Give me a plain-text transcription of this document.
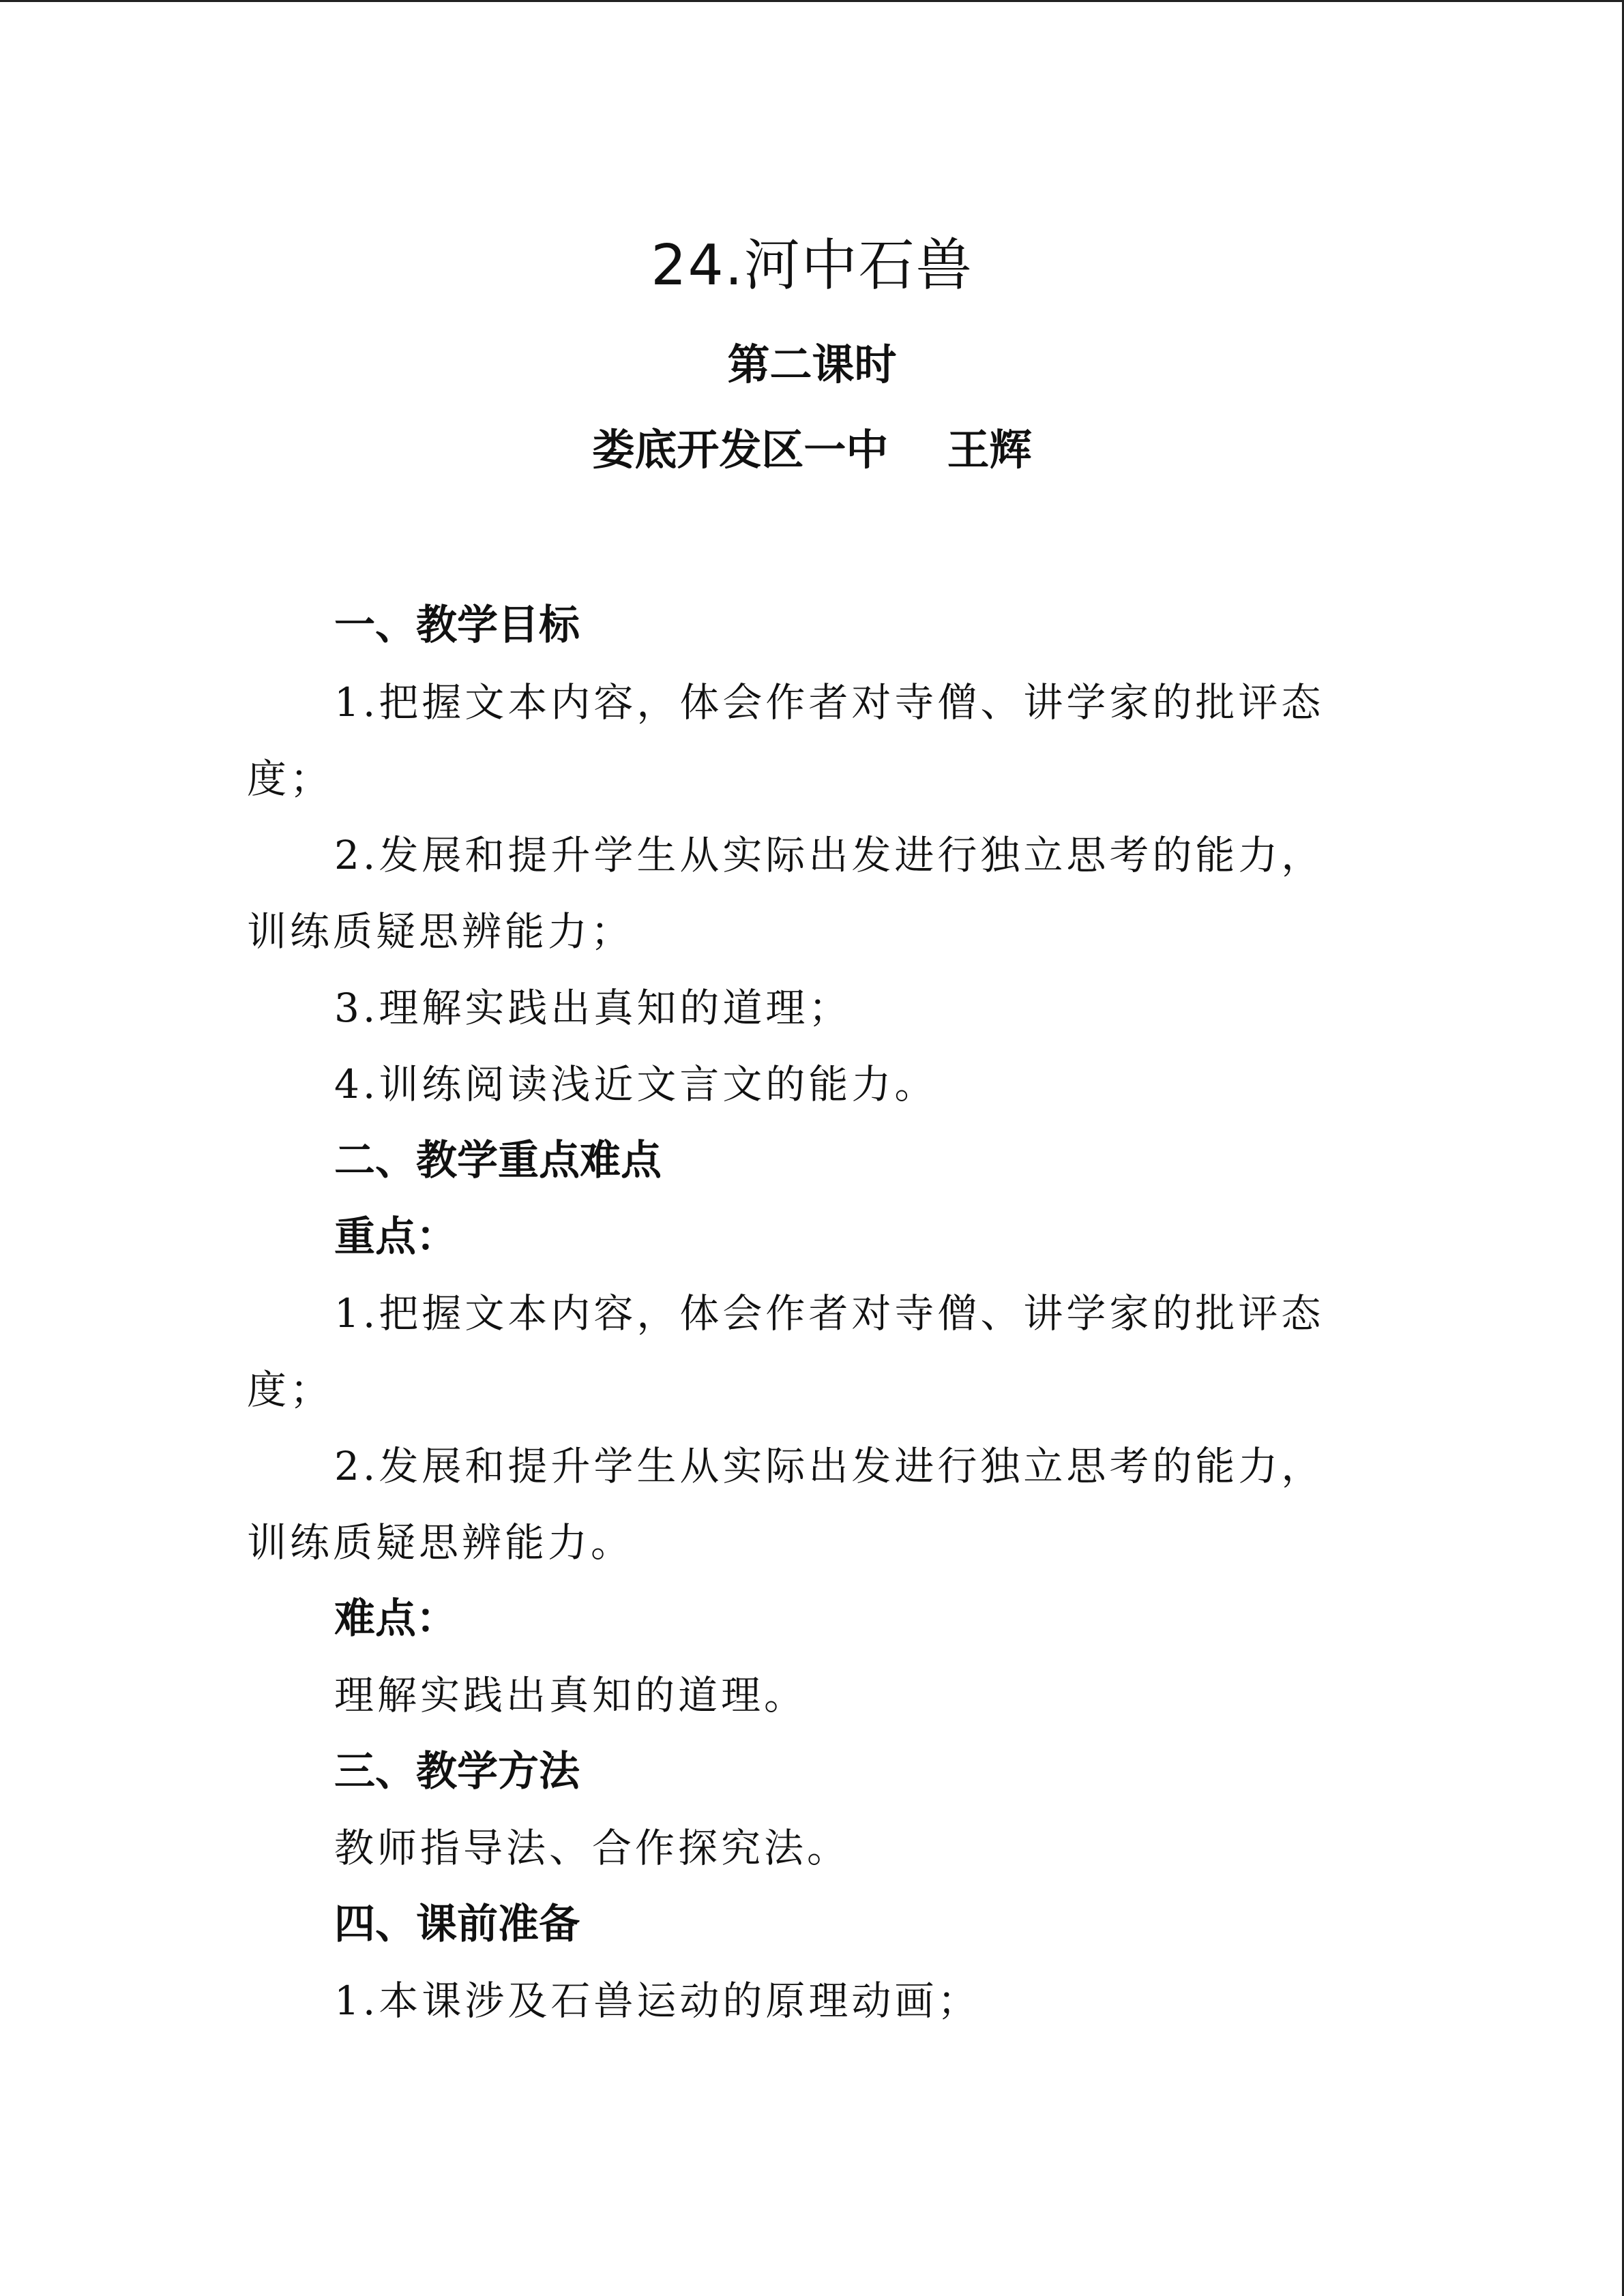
24.河中石兽
第二课时
娄底开发区一中    王辉
一、教学目标
1.把握文本内容，体会作者对寺僧、讲学家的批评态
度；
2.发展和提升学生从实际出发进行独立思考的能力，
训练质疑思辨能力；
3.理解实践出真知的道理；
4.训练阅读浅近文言文的能力。
二、教学重点难点
重点：
1.把握文本内容，体会作者对寺僧、讲学家的批评态
度；
2.发展和提升学生从实际出发进行独立思考的能力，
训练质疑思辨能力。
难点：
理解实践出真知的道理。
三、教学方法
教师指导法、合作探究法。
四、课前准备
1.本课涉及石兽运动的原理动画；
